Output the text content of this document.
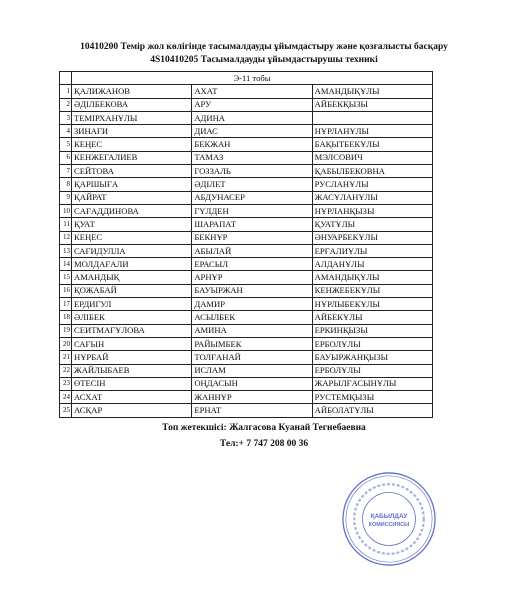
10410200 Темір жол көлігінде тасымалдауды ұйымдастыру және қозғалысты басқару
4S10410205 Тасымалдауды ұйымдастырушы техникі
	Э-11 тобы		
1	ҚАЛИЖАНОВ	АХАТ	АМАНДЫҚҰЛЫ
2	ӘДІЛБЕКОВА	АРУ	АЙБЕКҚЫЗЫ
3	ТЕМІРХАНҰЛЫ	АДИНА	
4	ЗИНАҒИ	ДИАС	НҰРЛАНҰЛЫ
5	КЕҢЕС	БЕКЖАН	БАҚЫТБЕКҰЛЫ
6	КЕНЖЕГАЛИЕВ	ТАМАЗ	МЭЛСОВИЧ
7	СЕЙТОВА	ГОЗЗАЛЬ	ҚАБЫЛБЕКОВНА
8	ҚАРШЫҒА	ӘДІЛЕТ	РУСЛАНҰЛЫ
9	ҚАЙРАТ	АБДУНАСЕР	ЖАСҰЛАНҰЛЫ
10	СAҒАДДИНОВА	ГҮЛДЕН	НҰРЛАНҚЫЗЫ
11	ҚУАТ	ШАРАПАТ	ҚУАТҰЛЫ
12	КЕҢЕС	БЕКНҰР	ӘНУАРБЕКҰЛЫ
13	САҒИДУЛЛА	АБЫЛАЙ	ЕРҒАЛИҰЛЫ
14	МОЛДАҒАЛИ	ЕРАСЫЛ	АЛДАНҰЛЫ
15	АМАНДЫҚ	АРНҰР	АМАНДЫҚҰЛЫ
16	ҚОЖАБАЙ	БАУЫРЖАН	КЕНЖЕБЕКҰЛЫ
17	ЕРДИГУЛ	ДАМИР	НҰРЛЫБЕКҰЛЫ
18	ӘЛІБЕК	АСЫЛБЕК	АЙБЕКҰЛЫ
19	СЕИТМАҒҰЛОВА	АМИНА	ЕРКИНҚЫЗЫ
20	САҒЫН	РАЙЫМБЕК	ЕРБОЛҰЛЫ
21	НҰРБАЙ	ТОЛҒАНАЙ	БАУЫРЖАНҚЫЗЫ
22	ЖАЙЛЫБАЕВ	ИСЛАМ	ЕРБОЛҰЛЫ
23	ӨТЕСІН	ОҢДАСЫН	ЖАРЫЛҒАСЫНҰЛЫ
24	АСХАТ	ЖАННҰР	РУСТЕМҚЫЗЫ
25	АСҚАР	ЕРНАТ	АЙБОЛАТҰЛЫ
Топ жетекшісі: Жалгасова Куанай Тегнебаевна
Тел:+ 7 747 208 00 36
ҚАБЫЛДАУ
КОМИССИЯСЫ
